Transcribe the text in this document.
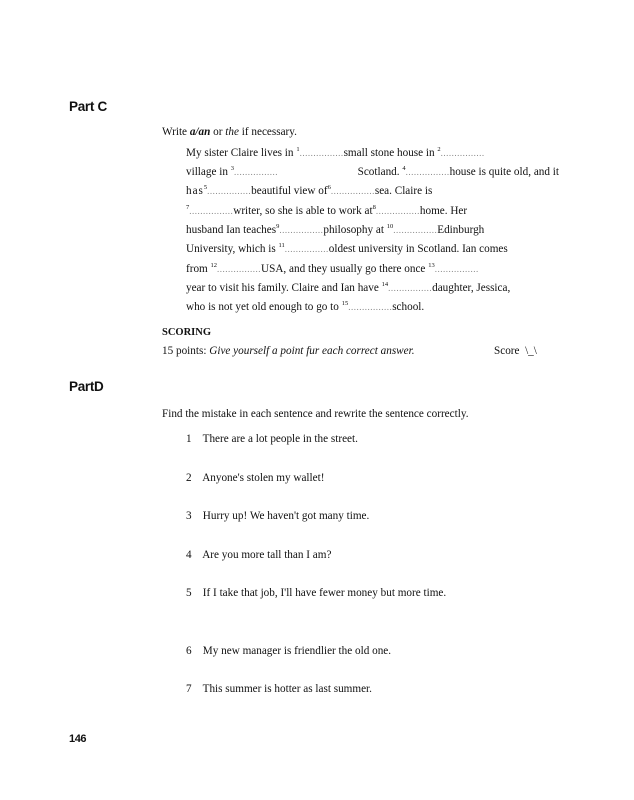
Part C
Write a/an or the if necessary.
My sister Claire lives in $^1$................small stone house in $^2$................
village in $^3$................	Scotland. $^4$................house is quite old, and it
has$^5$................beautiful view $of^6................sea$. Claire is
$^7$................writer, so she is able to work $at^8................home$. Her
husband Ian teaches$^9$................philosophy at $^{10}$................Edinburgh
University, which is $^{11}$................oldest university in Scotland. Ian comes
from $^{12}$................USA, and they usually go there once $^{13}$................
year to visit his family. Claire and Ian have $^{14}$................daughter, Jessica,
who is not yet old enough to go to $^{15}$................school.
SCORING
15 points: Give yourself a point fur each correct answer.	Score \_\
PartD
Find the mistake in each sentence and rewrite the sentence correctly.
1 There are a lot people in the street.
2 Anyone's stolen my wallet!
3 Hurry up! We haven't got many time.
4 Are you more tall than I am?
5 If I take that job, I'll have fewer money but more time.
6 My new manager is friendlier the old one.
7 This summer is hotter as last summer.
146
